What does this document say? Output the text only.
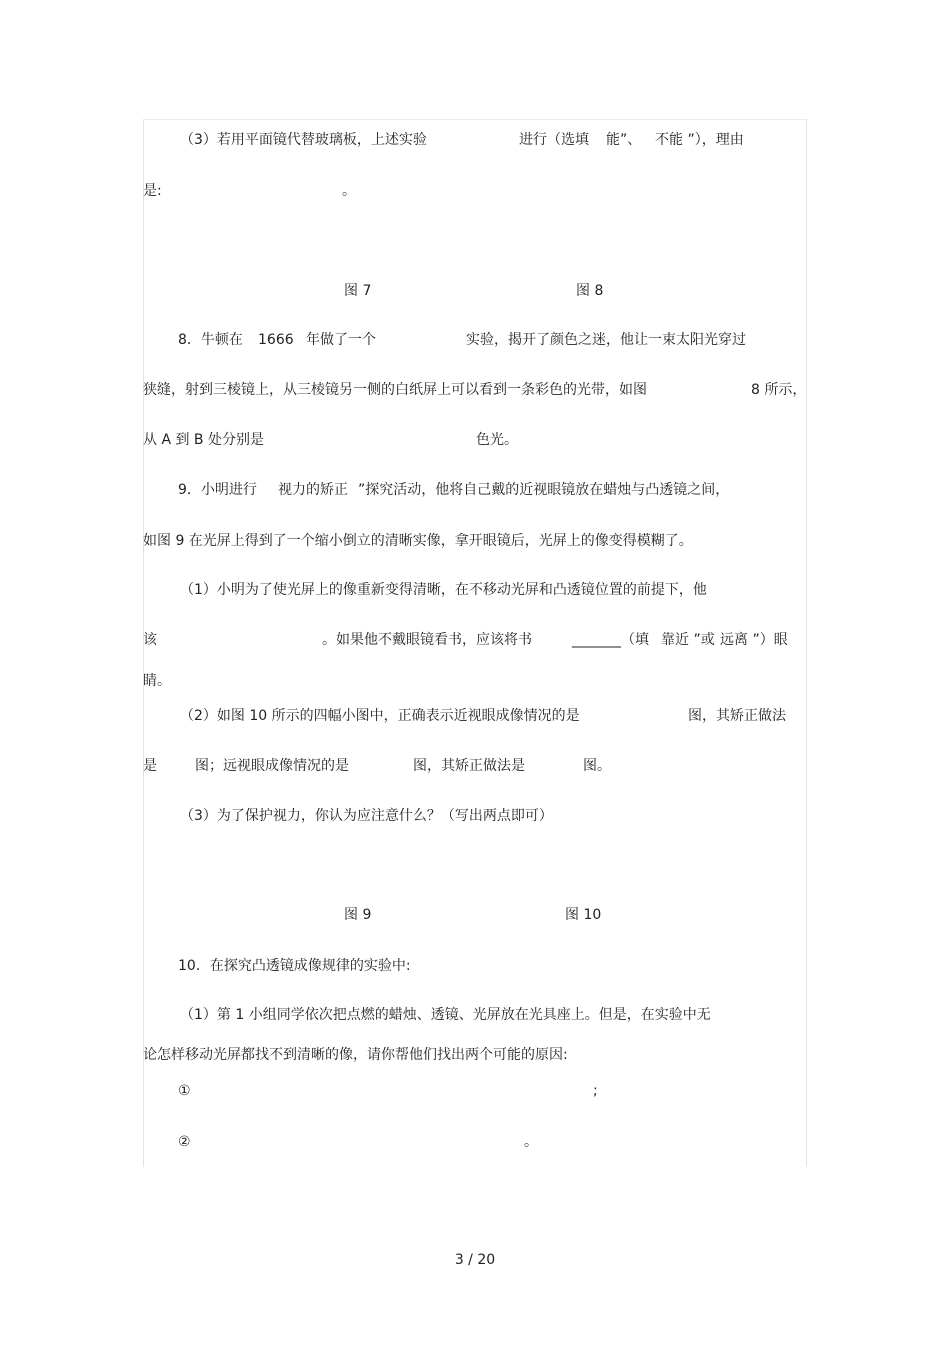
（3）若用平面镜代替玻璃板，上述实验	进行（选填 能”、 不能 ”），理由
是:	。
图 7	图 8
8．牛顿在 1666 年做了一个	实验，揭开了颜色之迷，他让一束太阳光穿过
狭缝，射到三棱镜上，从三棱镜另一侧的白纸屏上可以看到一条彩色的光带，如图	8 所示，
从 A 到 B 处分别是	色光。
9．小明进行 视力的矫正 ”探究活动，他将自己戴的近视眼镜放在蜡烛与凸透镜之间，
如图 9 在光屏上得到了一个缩小倒立的清晰实像，拿开眼镜后，光屏上的像变得模糊了。
（1）小明为了使光屏上的像重新变得清晰，在不移动光屏和凸透镜位置的前提下，他
该	。如果他不戴眼镜看书，应该将书	_______（填 靠近 ”或 远离 ”）眼
睛。
（2）如图 10 所示的四幅小图中，正确表示近视眼成像情况的是	图，其矫正做法
是	图；远视眼成像情况的是	图，其矫正做法是	图。
（3）为了保护视力，你认为应注意什么？（写出两点即可）
图 9	图 10
10．在探究凸透镜成像规律的实验中:
（1）第 1 小组同学依次把点燃的蜡烛、透镜、光屏放在光具座上。但是，在实验中无
论怎样移动光屏都找不到清晰的像，请你帮他们找出两个可能的原因:
①	;
②	。
3 / 20
